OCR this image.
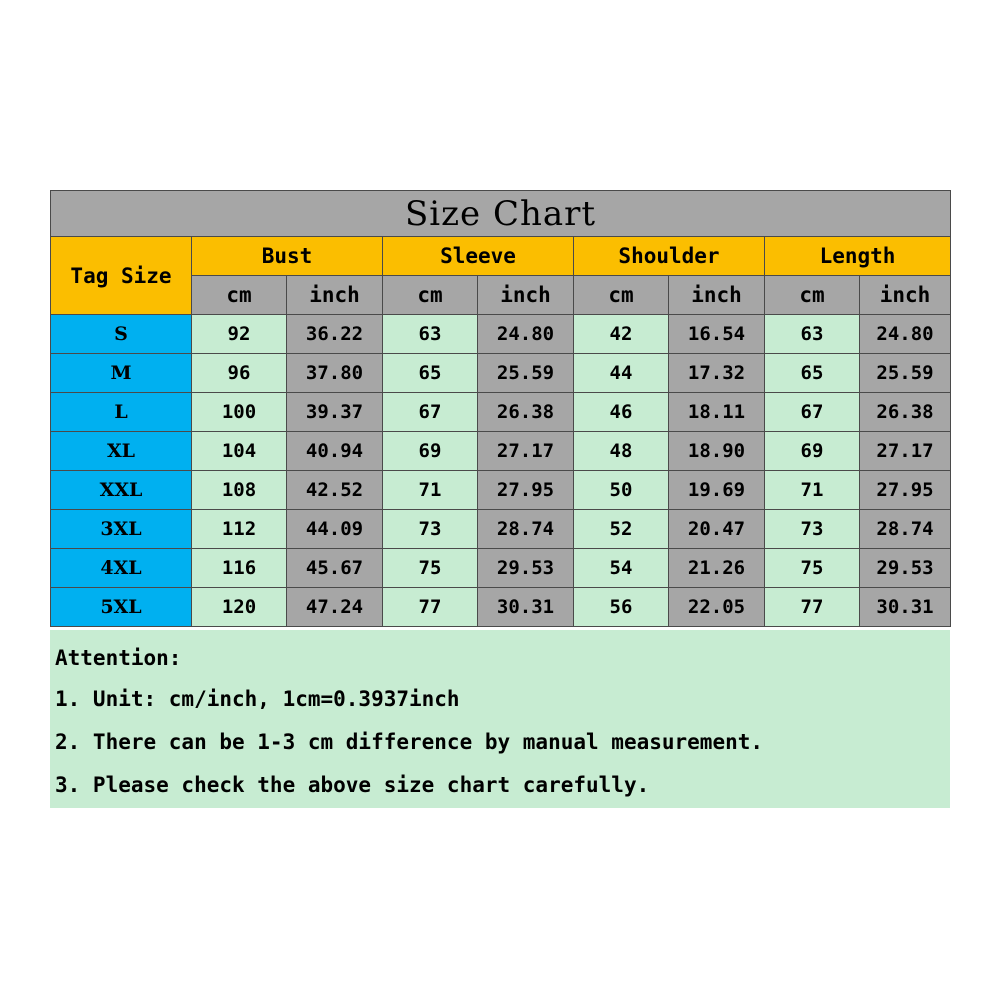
Size Chart								
Tag Size	Bust		Sleeve		Shoulder		Length	
	cm	inch	cm	inch	cm	inch	cm	inch
S	92	36.22	63	24.80	42	16.54	63	24.80
M	96	37.80	65	25.59	44	17.32	65	25.59
L	100	39.37	67	26.38	46	18.11	67	26.38
XL	104	40.94	69	27.17	48	18.90	69	27.17
XXL	108	42.52	71	27.95	50	19.69	71	27.95
3XL	112	44.09	73	28.74	52	20.47	73	28.74
4XL	116	45.67	75	29.53	54	21.26	75	29.53
5XL	120	47.24	77	30.31	56	22.05	77	30.31
Attention:
1. Unit: cm/inch, 1cm=0.3937inch
2. There can be 1-3 cm difference by manual measurement.
3. Please check the above size chart carefully.
